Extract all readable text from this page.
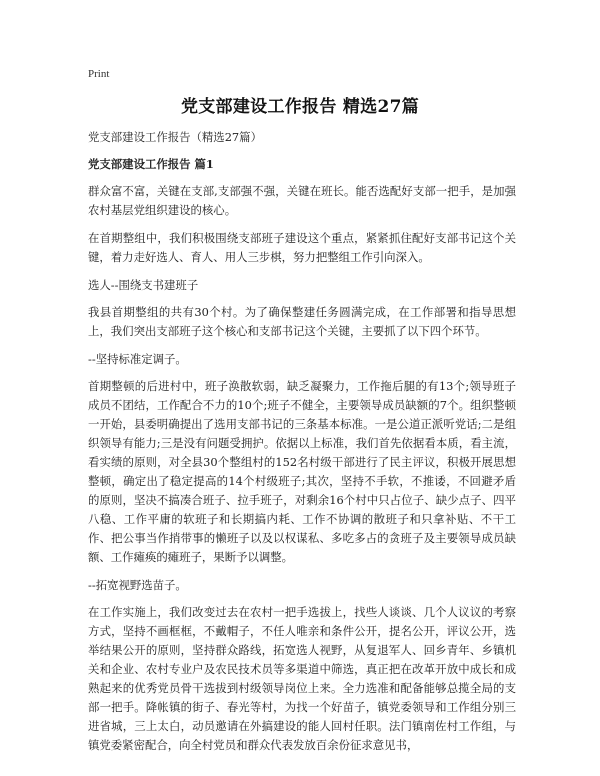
Print
党支部建设工作报告 精选27篇

党支部建设工作报告（精选27篇）

党支部建设工作报告 篇1

群众富不富，关键在支部,支部强不强，关键在班长。能否选配好支部一把手，是加强农村基层党组织建设的核心。

在首期整组中，我们积极围绕支部班子建设这个重点，紧紧抓住配好支部书记这个关键，着力走好选人、育人、用人三步棋，努力把整组工作引向深入。

选人--围绕支书建班子

我县首期整组的共有30个村。为了确保整建任务圆满完成，在工作部署和指导思想上，我们突出支部班子这个核心和支部书记这个关键，主要抓了以下四个环节。

--坚持标准定调子。

首期整顿的后进村中，班子涣散软弱，缺乏凝聚力，工作拖后腿的有13个;领导班子成员不团结，工作配合不力的10个;班子不健全，主要领导成员缺额的7个。组织整顿一开始，县委明确提出了选用支部书记的三条基本标准。一是公道正派听党话;二是组织领导有能力;三是没有问题受拥护。依据以上标准，我们首先依据看本质，看主流，看实绩的原则，对全县30个整组村的152名村级干部进行了民主评议，积极开展思想整顿，确定出了稳定提高的14个村级班子;其次，坚持不手软，不推诿，不回避矛盾的原则，坚决不搞凑合班子、拉手班子，对剩余16个村中只占位子、缺少点子、四平八稳、工作平庸的软班子和长期搞内耗、工作不协调的散班子和只拿补贴、不干工作、把公事当作捎带事的懒班子以及以权谋私、多吃多占的贪班子及主要领导成员缺额、工作瘫痪的瘫班子，果断予以调整。

--拓宽视野选苗子。

在工作实施上，我们改变过去在农村一把手选拔上，找些人谈谈、几个人议议的考察方式，坚持不画框框，不戴帽子，不任人唯亲和条件公开，提名公开，评议公开，选举结果公开的原则，坚持群众路线，拓宽选人视野，从复退军人、回乡青年、乡镇机关和企业、农村专业户及农民技术员等多渠道中筛选，真正把在改革开放中成长和成熟起来的优秀党员骨干选拔到村级领导岗位上来。全力选准和配备能够总揽全局的支部一把手。降帐镇的街子、春光等村，为找一个好苗子，镇党委领导和工作组分别三进省城，三上太白，动员邀请在外搞建设的能人回村任职。法门镇南佐村工作组，与镇党委紧密配合，向全村党员和群众代表发放百余份征求意见书，
